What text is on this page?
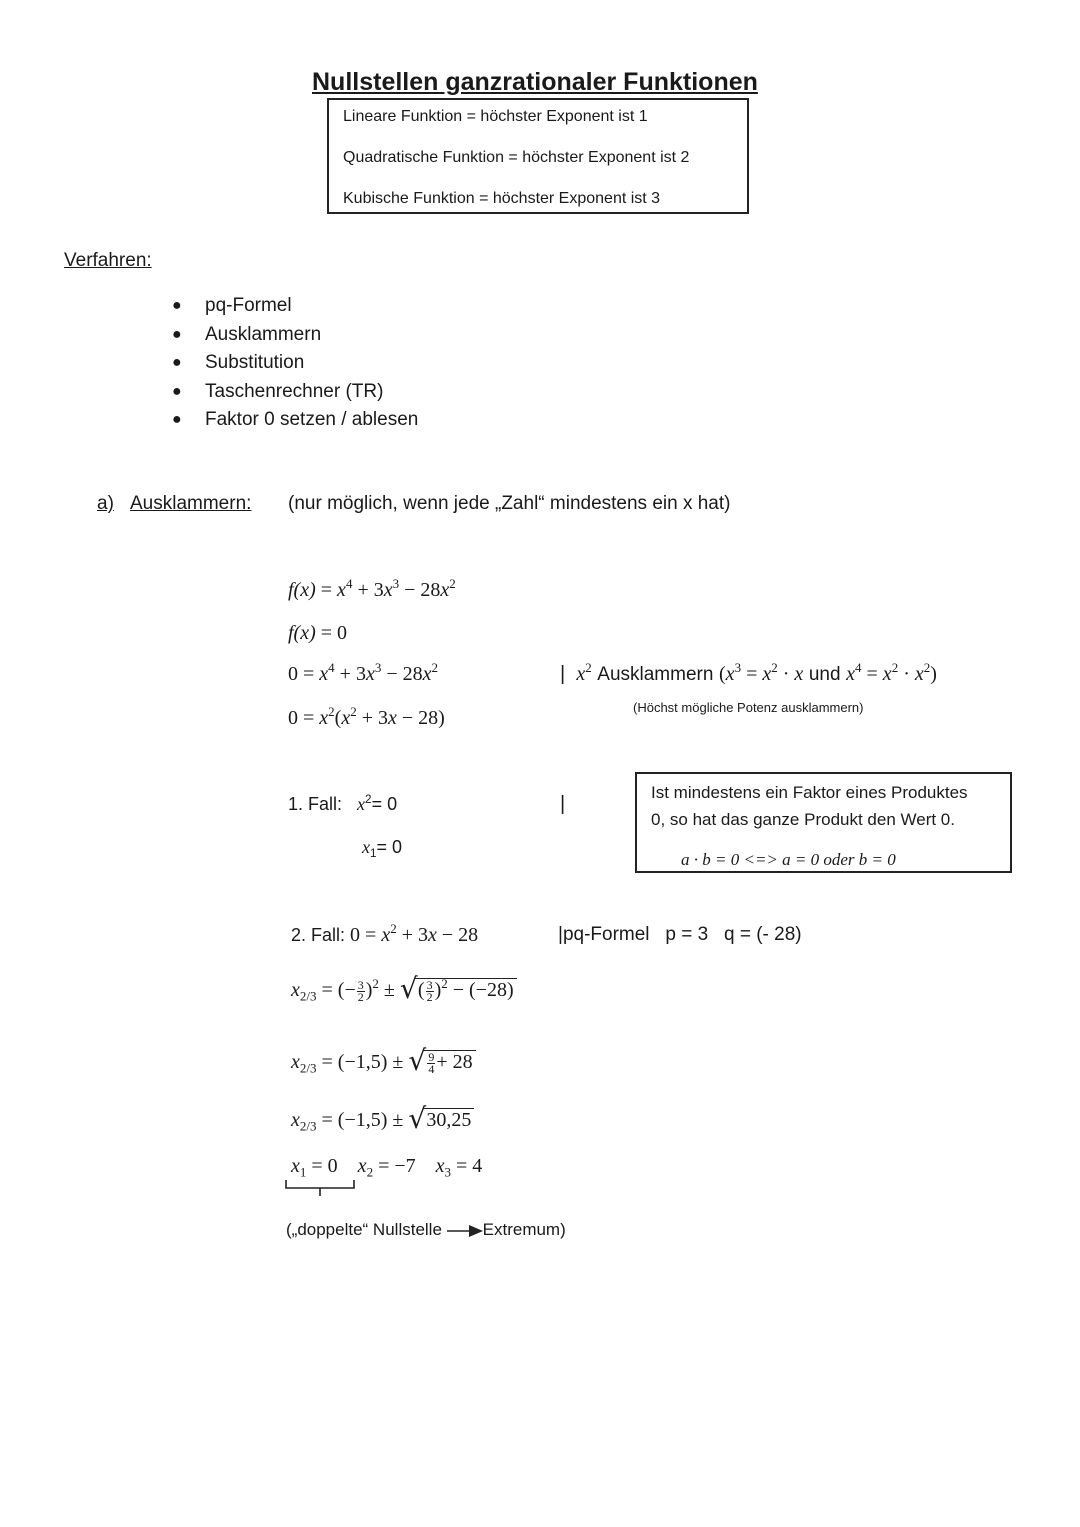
Nullstellen ganzrationaler Funktionen
Lineare Funktion = höchster Exponent ist 1
Quadratische Funktion = höchster Exponent ist 2
Kubische Funktion = höchster Exponent ist 3
Verfahren:
● pq-Formel
● Ausklammern
● Substitution
● Taschenrechner (TR)
● Faktor 0 setzen / ablesen
a) Ausklammern: (nur möglich, wenn jede „Zahl“ mindestens ein x hat)
$f(x) = x^4 + 3x^3 - 28x^2$
f(x) = 0
$0 = x^4 + 3x^3 - 28x^2$
$0 = x^2(x^2 + 3x - 28)$
| $x^2$ Ausklammern ($x^3 = x^2 \cdot x$ und $x^4 = x^2 \cdot x^2$)
(Höchst mögliche Potenz ausklammern)
1. Fall: $x^2= 0$	|
$x_1= 0$
Ist mindestens ein Faktor eines Produktes
0, so hat das ganze Produkt den Wert 0.
a · b = 0 <=> a = 0 oder b = 0
2. Fall: $0 = x^2 + 3x - 28$	|pq-Formel p = 3 q = (- 28)
$x_{2/3}$ = (− $\frac{3}{2} )^2$ ± √ ( $\frac{3}{2} )^2 - (-28)$
$x_{2/3} = (-1,5)$ ± √ $\frac{9}{4} + 28$
$x_{2/3} = (-1,5)$ ± √ 30,25
$x_1 = 0$ $x_2 = -7$ $x_3 = 4$
(„doppelte“ Nullstelle Extremum)
